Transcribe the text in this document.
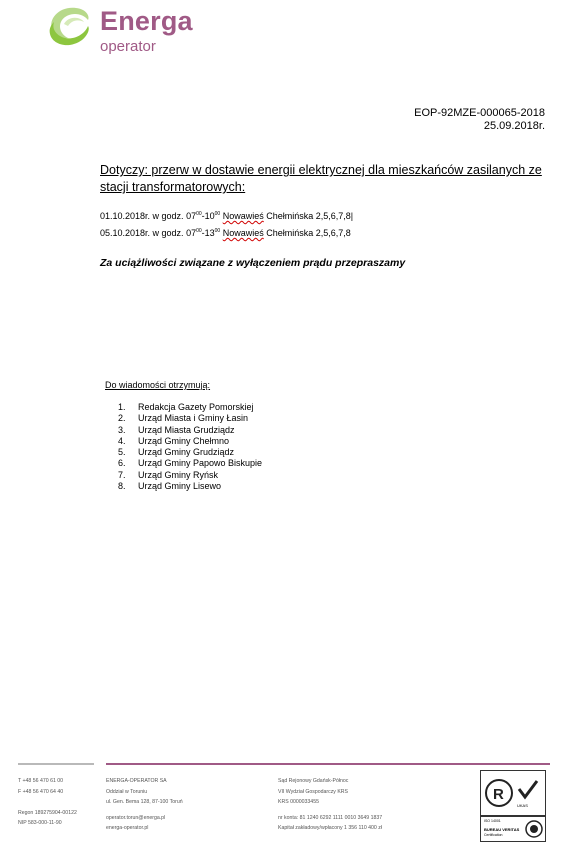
Energa
operator
EOP-92MZE-000065-2018
25.09.2018r.
Dotyczy: przerw w dostawie energii elektrycznej dla mieszkańców zasilanych ze stacji transformatorowych:
01.10.2018r. w godz. $07^{00}-10^{00}$ Nowawieś Chełmińska 2,5,6,7,8|
05.10.2018r. w godz. $07^{00}-13^{00}$ Nowawieś Chełmińska 2,5,6,7,8
Za uciążliwości związane z wyłączeniem prądu przepraszamy
Do wiadomości otrzymują:
1.	Redakcja Gazety Pomorskiej
2.	Urząd Miasta i Gminy Łasin
3.	Urząd Miasta Grudziądz
4.	Urząd Gminy Chełmno
5.	Urząd Gminy Grudziądz
6.	Urząd Gminy Papowo Biskupie
7.	Urząd Gminy Ryńsk
8.	Urząd Gminy Lisewo
T +48 56 470 61 00
F +48 56 470 64 40
Regon 189275904-00122
NIP 583-000-11-90
ENERGA-OPERATOR SA
Oddział w Toruniu
ul. Gen. Bema 128, 87-100 Toruń
operator.torun@energa.pl
energa-operator.pl
Sąd Rejonowy Gdańsk-Północ
VII Wydział Gospodarczy KRS
KRS 0000033455
nr konta: 81 1240 6292 1111 0010 3649 1837
Kapitał zakładowy/wpłacony 1 356 110 400 zł
R
UKAS
ISO 14001
BUREAU VERITAS
Certification
